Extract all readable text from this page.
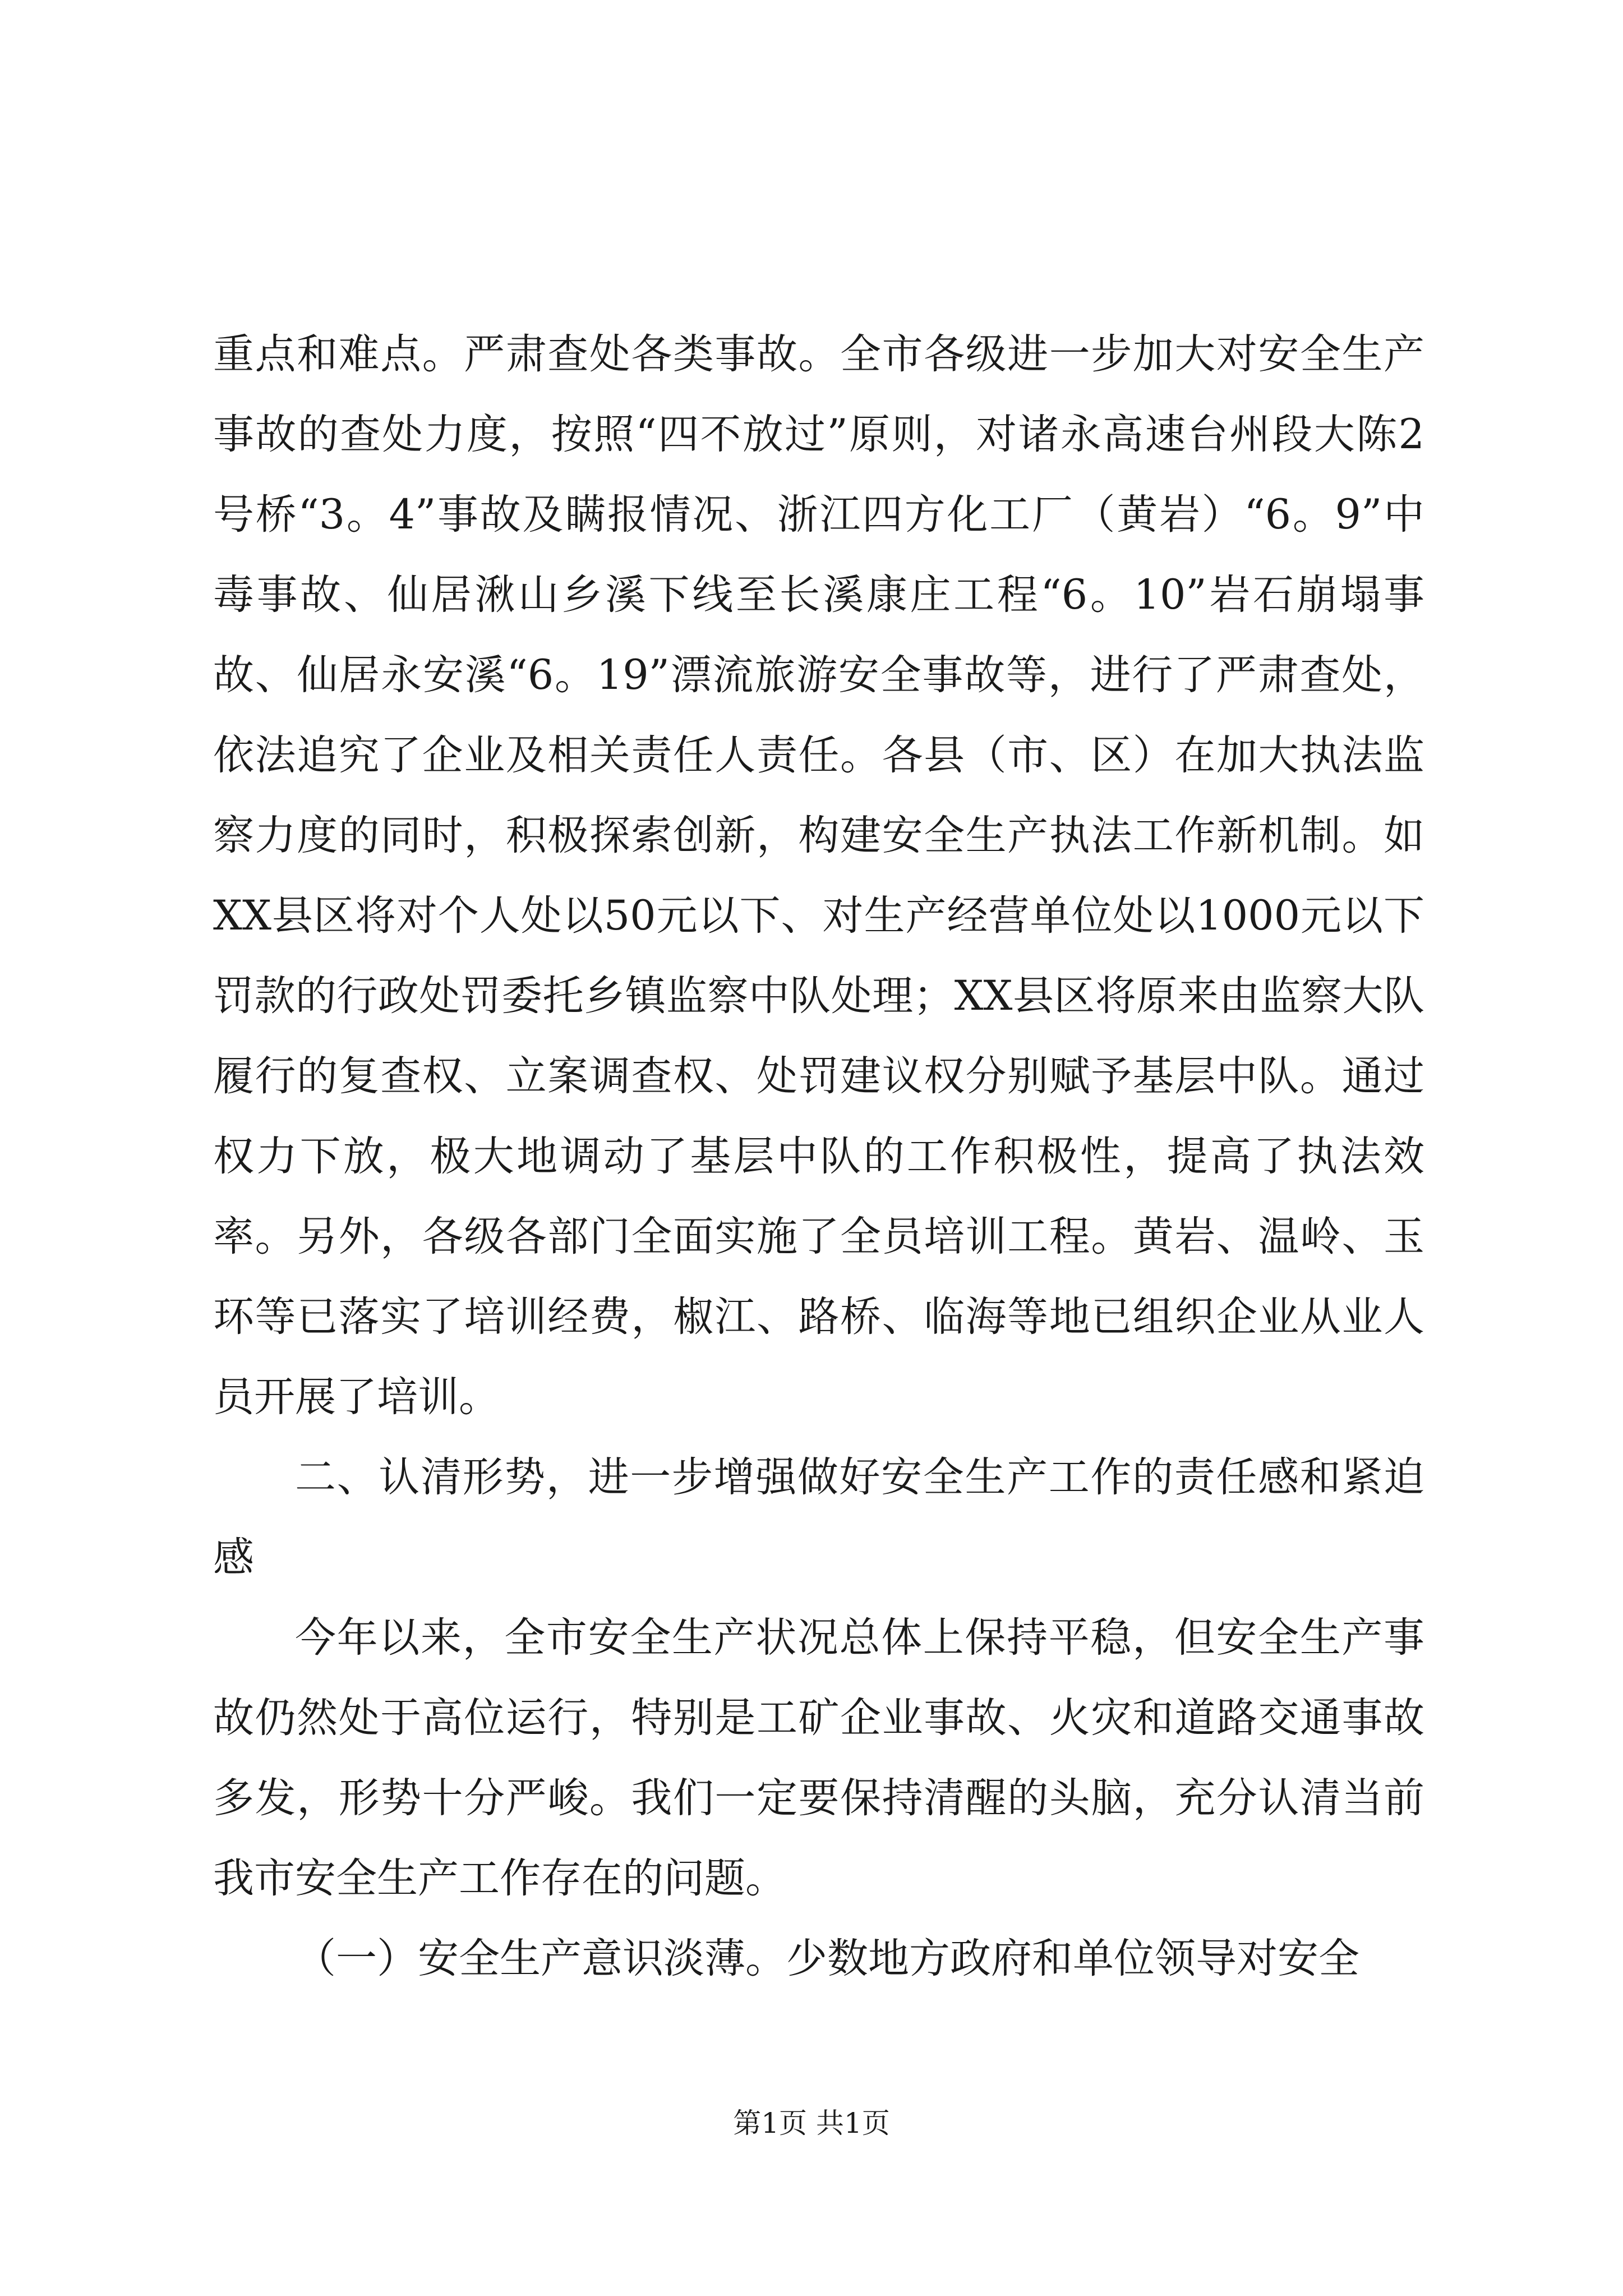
重点和难点。严肃查处各类事故。全市各级进一步加大对安全生产事故的查处力度，按照“四不放过”原则，对诸永高速台州段大陈2号桥“3。4”事故及瞒报情况、浙江四方化工厂（黄岩）“6。9”中毒事故、仙居湫山乡溪下线至长溪康庄工程“6。10”岩石崩塌事故、仙居永安溪“6。19”漂流旅游安全事故等，进行了严肃查处，依法追究了企业及相关责任人责任。各县（市、区）在加大执法监察力度的同时，积极探索创新，构建安全生产执法工作新机制。如XX县区将对个人处以50元以下、对生产经营单位处以1000元以下罚款的行政处罚委托乡镇监察中队处理；XX县区将原来由监察大队履行的复查权、立案调查权、处罚建议权分别赋予基层中队。通过权力下放，极大地调动了基层中队的工作积极性，提高了执法效率。另外，各级各部门全面实施了全员培训工程。黄岩、温岭、玉环等已落实了培训经费，椒江、路桥、临海等地已组织企业从业人员开展了培训。

二、认清形势，进一步增强做好安全生产工作的责任感和紧迫感

今年以来，全市安全生产状况总体上保持平稳，但安全生产事故仍然处于高位运行，特别是工矿企业事故、火灾和道路交通事故多发，形势十分严峻。我们一定要保持清醒的头脑，充分认清当前我市安全生产工作存在的问题。

（一）安全生产意识淡薄。少数地方政府和单位领导对安全

第1页 共1页
